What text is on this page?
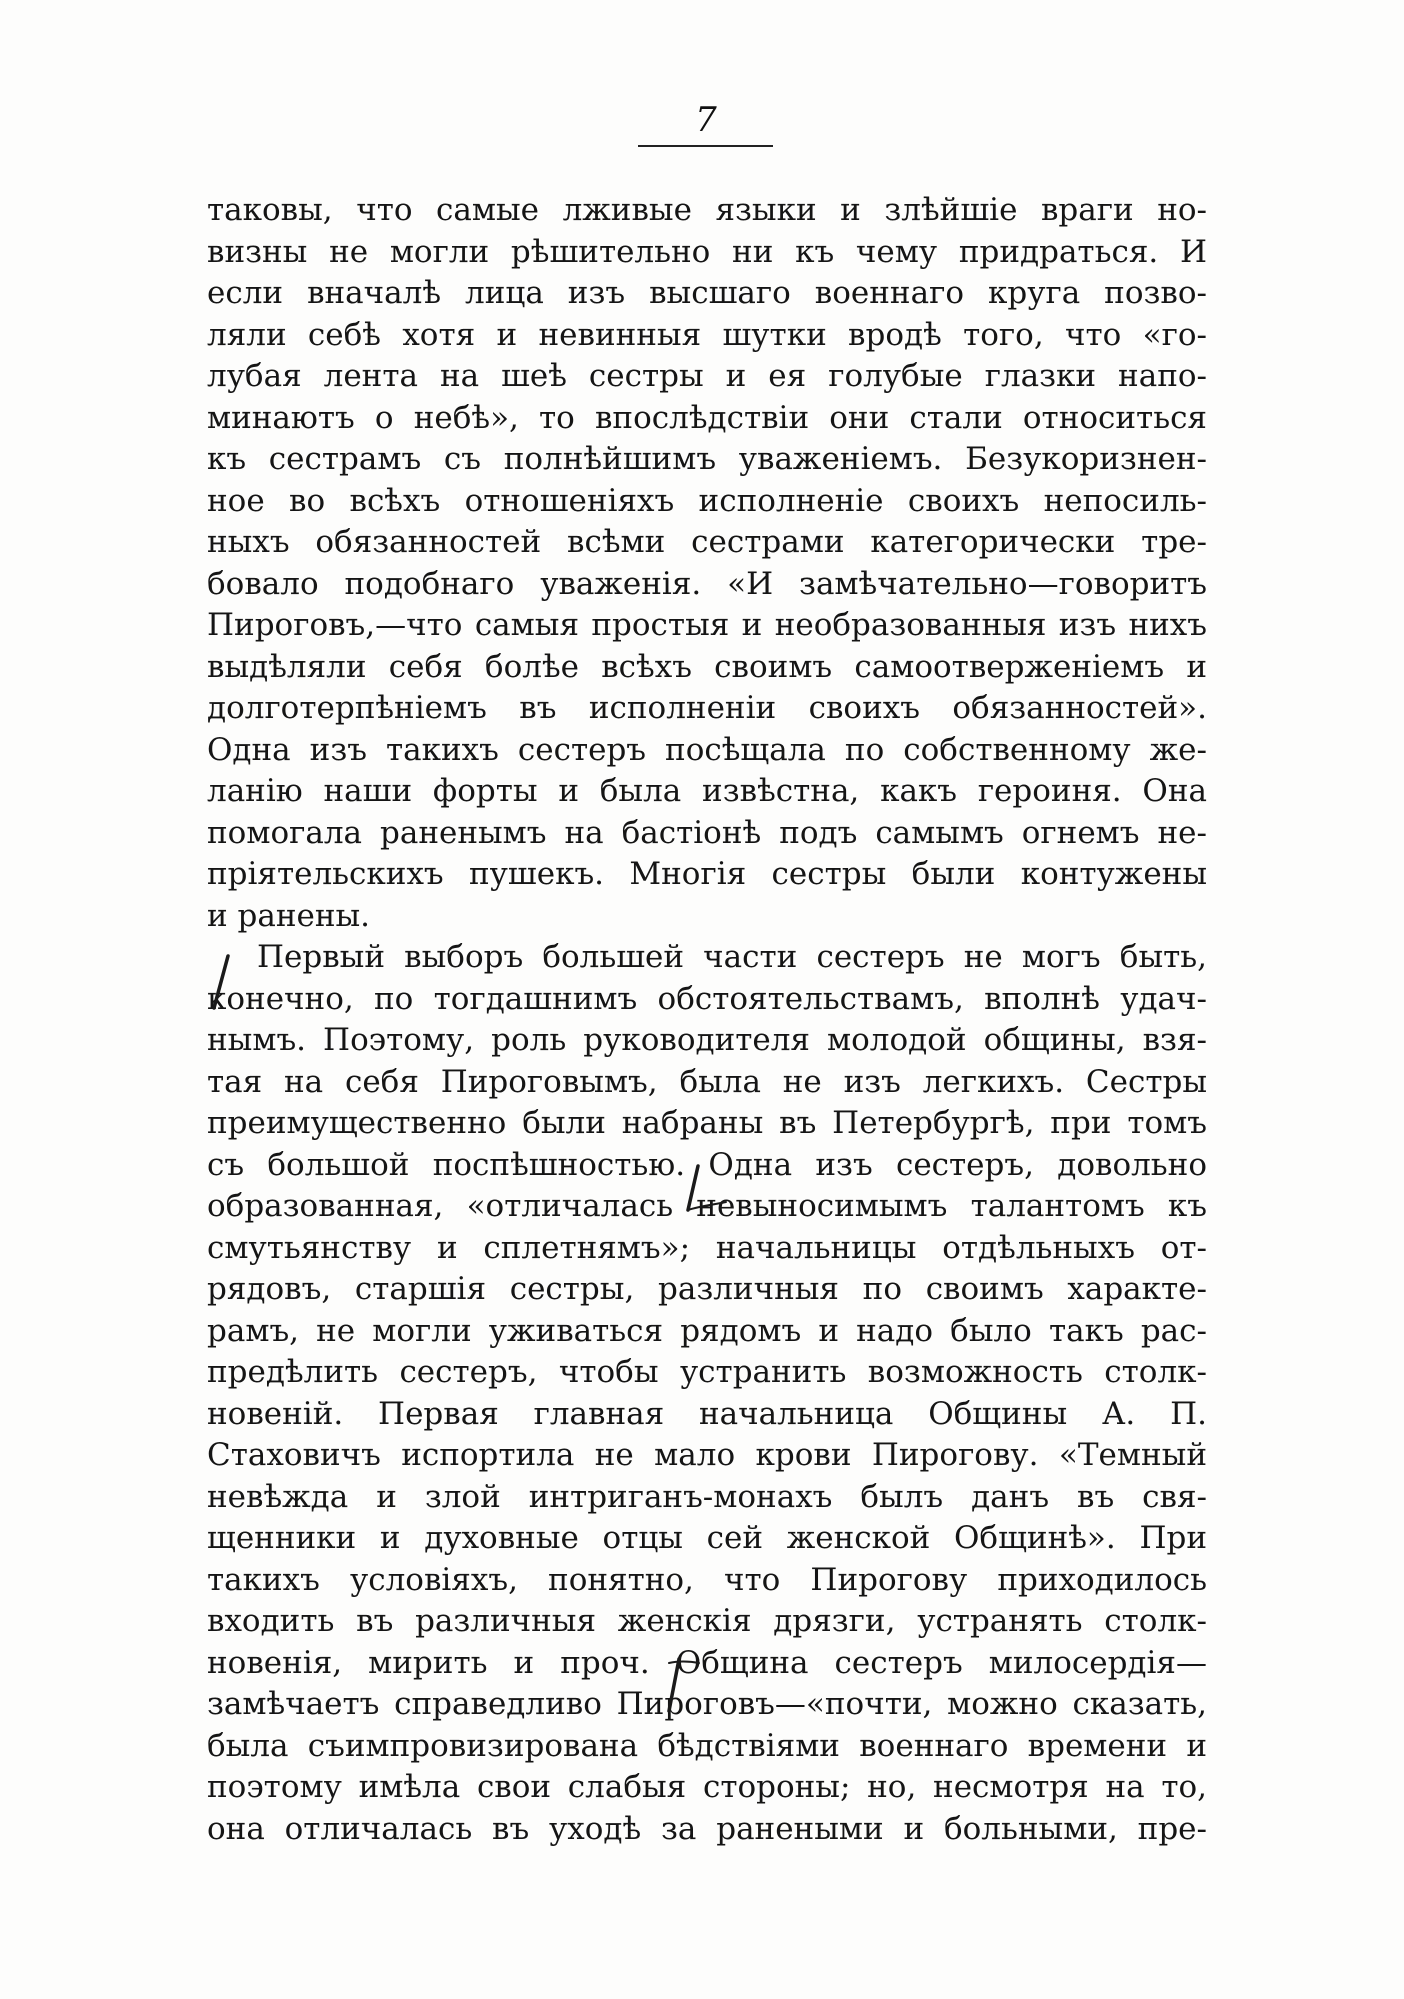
7
таковы, что самые лживые языки и злѣйшіе враги но-
визны не могли рѣшительно ни къ чему придраться. И
если вначалѣ лица изъ высшаго военнаго круга позво-
ляли себѣ хотя и невинныя шутки вродѣ того, что «го-
лубая лента на шеѣ сестры и ея голубые глазки напо-
минаютъ о небѣ», то впослѣдствіи они стали относиться
къ сестрамъ съ полнѣйшимъ уваженіемъ. Безукоризнен-
ное во всѣхъ отношеніяхъ исполненіе своихъ непосиль-
ныхъ обязанностей всѣми сестрами категорически тре-
бовало подобнаго уваженія. «И замѣчательно—говоритъ
Пироговъ,—что самыя простыя и необразованныя изъ нихъ
выдѣляли себя болѣе всѣхъ своимъ самоотверженіемъ и
долготерпѣніемъ въ исполненіи своихъ обязанностей».
Одна изъ такихъ сестеръ посѣщала по собственному же-
ланію наши форты и была извѣстна, какъ героиня. Она
помогала раненымъ на бастіонѣ подъ самымъ огнемъ не-
пріятельскихъ пушекъ. Многія сестры были контужены
и ранены.
Первый выборъ большей части сестеръ не могъ быть,
конечно, по тогдашнимъ обстоятельствамъ, вполнѣ удач-
нымъ. Поэтому, роль руководителя молодой общины, взя-
тая на себя Пироговымъ, была не изъ легкихъ. Сестры
преимущественно были набраны въ Петербургѣ, при томъ
съ большой поспѣшностью. Одна изъ сестеръ, довольно
образованная, «отличалась невыносимымъ талантомъ къ
смутьянству и сплетнямъ»; начальницы отдѣльныхъ от-
рядовъ, старшія сестры, различныя по своимъ характе-
рамъ, не могли уживаться рядомъ и надо было такъ рас-
предѣлить сестеръ, чтобы устранить возможность столк-
новеній. Первая главная начальница Общины А. П.
Стаховичъ испортила не мало крови Пирогову. «Темный
невѣжда и злой интриганъ-монахъ былъ данъ въ свя-
щенники и духовные отцы сей женской Общинѣ». При
такихъ условіяхъ, понятно, что Пирогову приходилось
входить въ различныя женскія дрязги, устранять столк-
новенія, мирить и проч. Община сестеръ милосердія—
замѣчаетъ справедливо Пироговъ—«почти, можно сказать,
была съимпровизирована бѣдствіями военнаго времени и
поэтому имѣла свои слабыя стороны; но, несмотря на то,
она отличалась въ уходѣ за ранеными и больными, пре-
